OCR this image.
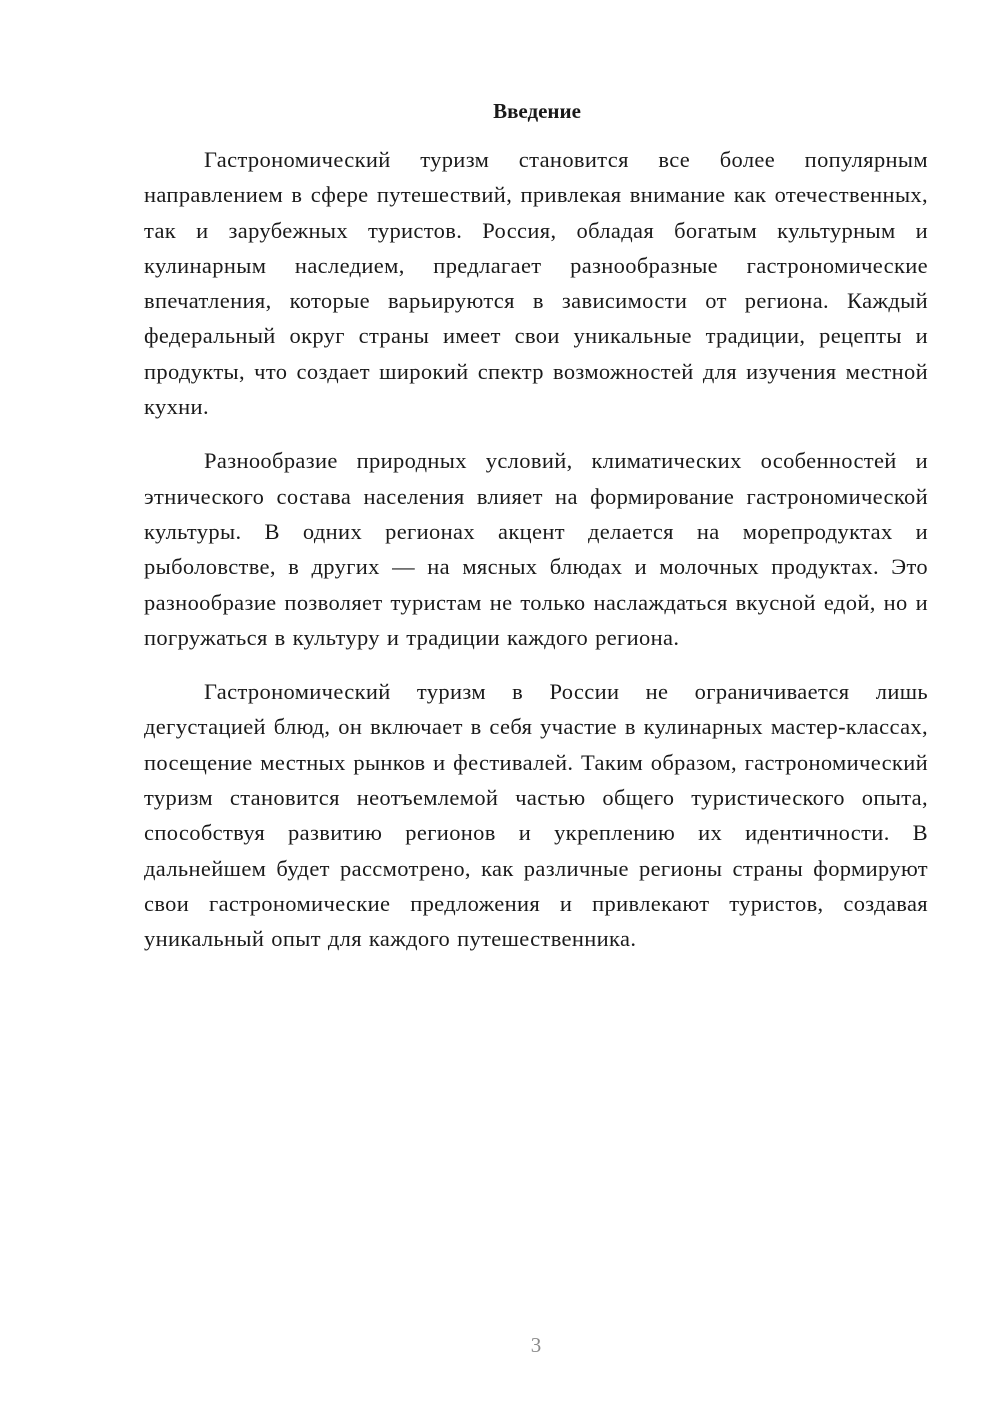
Введение

Гастрономический туризм становится все более популярным направлением в сфере путешествий, привлекая внимание как отечественных, так и зарубежных туристов. Россия, обладая богатым культурным и кулинарным наследием, предлагает разнообразные гастрономические впечатления, которые варьируются в зависимости от региона. Каждый федеральный округ страны имеет свои уникальные традиции, рецепты и продукты, что создает широкий спектр возможностей для изучения местной кухни.

Разнообразие природных условий, климатических особенностей и этнического состава населения влияет на формирование гастрономической культуры. В одних регионах акцент делается на морепродуктах и рыболовстве, в других — на мясных блюдах и молочных продуктах. Это разнообразие позволяет туристам не только наслаждаться вкусной едой, но и погружаться в культуру и традиции каждого региона.

Гастрономический туризм в России не ограничивается лишь дегустацией блюд, он включает в себя участие в кулинарных мастер-классах, посещение местных рынков и фестивалей. Таким образом, гастрономический туризм становится неотъемлемой частью общего туристического опыта, способствуя развитию регионов и укреплению их идентичности. В дальнейшем будет рассмотрено, как различные регионы страны формируют свои гастрономические предложения и привлекают туристов, создавая уникальный опыт для каждого путешественника.

3
